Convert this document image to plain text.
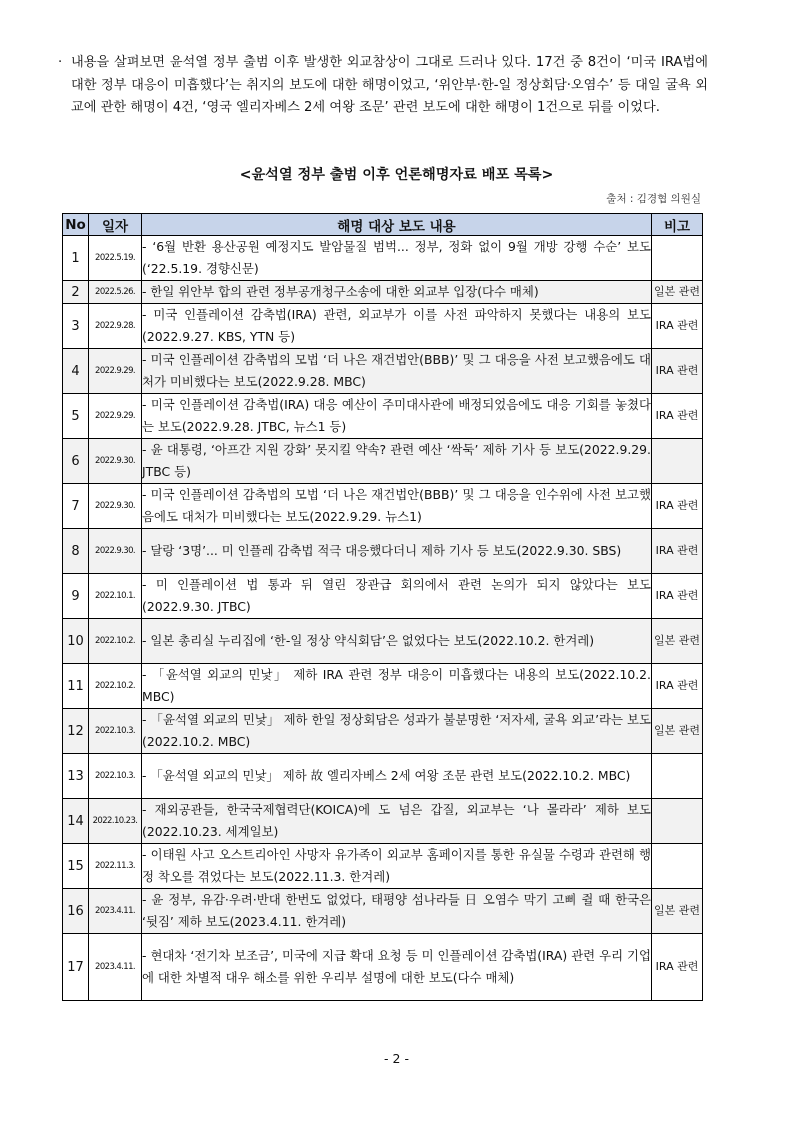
· 내용을 살펴보면 윤석열 정부 출범 이후 발생한 외교참상이 그대로 드러나 있다. 17건 중 8건이 ‘미국 IRA법에 대한 정부 대응이 미흡했다’는 취지의 보도에 대한 해명이었고, ‘위안부·한-일 정상회담·오염수’ 등 대일 굴욕 외교에 관한 해명이 4건, ‘영국 엘리자베스 2세 여왕 조문’ 관련 보도에 대한 해명이 1건으로 뒤를 이었다.
<윤석열 정부 출범 이후 언론해명자료 배포 목록>
출처 : 김경협 의원실
No	일자	해명 대상 보도 내용	비고
1	2022.5.19.	- ‘6월 반환 용산공원 예정지도 발암물질 범벅... 정부, 정화 없이 9월 개방 강행 수순’ 보도(‘22.5.19. 경향신문)	
2	2022.5.26.	- 한일 위안부 합의 관련 정부공개청구소송에 대한 외교부 입장(다수 매체)	일본 관련
3	2022.9.28.	- 미국 인플레이션 감축법(IRA) 관련, 외교부가 이를 사전 파악하지 못했다는 내용의 보도(2022.9.27. KBS, YTN 등)	IRA 관련
4	2022.9.29.	- 미국 인플레이션 감축법의 모법 ‘더 나은 재건법안(BBB)’ 및 그 대응을 사전 보고했음에도 대처가 미비했다는 보도(2022.9.28. MBC)	IRA 관련
5	2022.9.29.	- 미국 인플레이션 감축법(IRA) 대응 예산이 주미대사관에 배정되었음에도 대응 기회를 놓쳤다는 보도(2022.9.28. JTBC, 뉴스1 등)	IRA 관련
6	2022.9.30.	- 윤 대통령, ‘아프간 지원 강화’ 못지킬 약속? 관련 예산 ‘싹둑’ 제하 기사 등 보도(2022.9.29. JTBC 등)	
7	2022.9.30.	- 미국 인플레이션 감축법의 모법 ‘더 나은 재건법안(BBB)’ 및 그 대응을 인수위에 사전 보고했음에도 대처가 미비했다는 보도(2022.9.29. 뉴스1)	IRA 관련
8	2022.9.30.	- 달랑 ‘3명’... 미 인플레 감축법 적극 대응했다더니 제하 기사 등 보도(2022.9.30. SBS)	IRA 관련
9	2022.10.1.	- 미 인플레이션 법 통과 뒤 열린 장관급 회의에서 관련 논의가 되지 않았다는 보도(2022.9.30. JTBC)	IRA 관련
10	2022.10.2.	- 일본 총리실 누리집에 ‘한-일 정상 약식회담’은 없었다는 보도(2022.10.2. 한겨레)	일본 관련
11	2022.10.2.	- 「윤석열 외교의 민낯」 제하 IRA 관련 정부 대응이 미흡했다는 내용의 보도(2022.10.2. MBC)	IRA 관련
12	2022.10.3.	- 「윤석열 외교의 민낯」 제하 한일 정상회담은 성과가 불분명한 ‘저자세, 굴욕 외교’라는 보도(2022.10.2. MBC)	일본 관련
13	2022.10.3.	- 「윤석열 외교의 민낯」 제하 故 엘리자베스 2세 여왕 조문 관련 보도(2022.10.2. MBC)	
14	2022.10.23.	- 재외공관들, 한국국제협력단(KOICA)에 도 넘은 갑질, 외교부는 ‘나 몰라라’ 제하 보도(2022.10.23. 세계일보)	
15	2022.11.3.	- 이태원 사고 오스트리아인 사망자 유가족이 외교부 홈페이지를 통한 유실물 수령과 관련해 행정 착오를 겪었다는 보도(2022.11.3. 한겨레)	
16	2023.4.11.	- 윤 정부, 유감·우려·반대 한번도 없었다, 태평양 섬나라들 日 오염수 막기 고삐 쥘 때 한국은 ‘뒷짐’ 제하 보도(2023.4.11. 한겨레)	일본 관련
17	2023.4.11.	- 현대차 ‘전기차 보조금’, 미국에 지급 확대 요청 등 미 인플레이션 감축법(IRA) 관련 우리 기업에 대한 차별적 대우 해소를 위한 우리부 설명에 대한 보도(다수 매체)	IRA 관련
- 2 -
